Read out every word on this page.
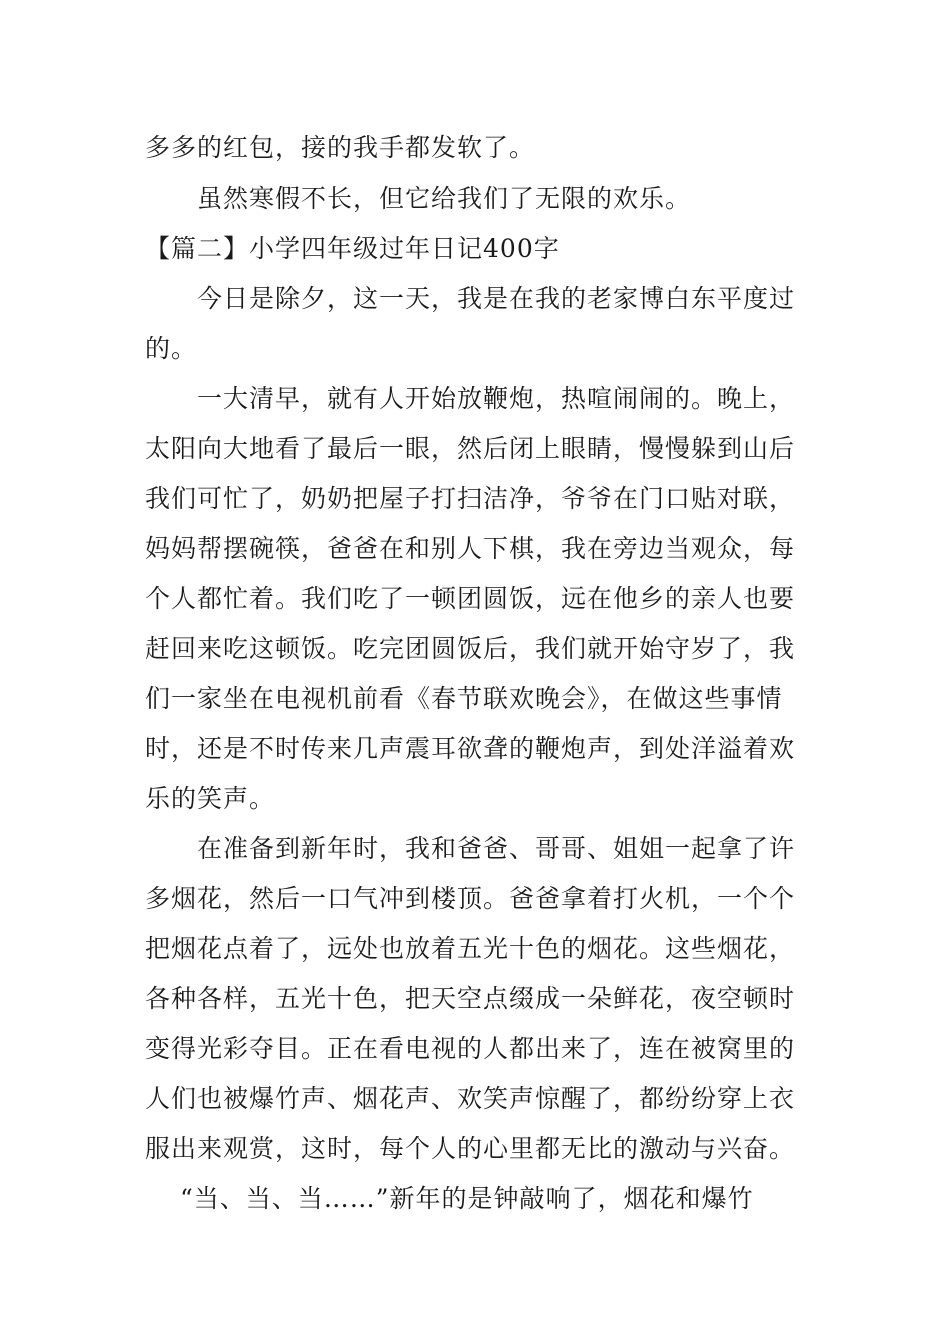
多多的红包，接的我手都发软了。
虽然寒假不长，但它给我们了无限的欢乐。
【篇二】小学四年级过年日记400字
今日是除夕，这一天，我是在我的老家博白东平度过
的。
一大清早，就有人开始放鞭炮，热喧闹闹的。晚上，
太阳向大地看了最后一眼，然后闭上眼睛，慢慢躲到山后
我们可忙了，奶奶把屋子打扫洁净，爷爷在门口贴对联，
妈妈帮摆碗筷，爸爸在和别人下棋，我在旁边当观众，每
个人都忙着。我们吃了一顿团圆饭，远在他乡的亲人也要
赶回来吃这顿饭。吃完团圆饭后，我们就开始守岁了，我
们一家坐在电视机前看《春节联欢晚会》，在做这些事情
时，还是不时传来几声震耳欲聋的鞭炮声，到处洋溢着欢
乐的笑声。
在准备到新年时，我和爸爸、哥哥、姐姐一起拿了许
多烟花，然后一口气冲到楼顶。爸爸拿着打火机，一个个
把烟花点着了，远处也放着五光十色的烟花。这些烟花，
各种各样，五光十色，把天空点缀成一朵鲜花，夜空顿时
变得光彩夺目。正在看电视的人都出来了，连在被窝里的
人们也被爆竹声、烟花声、欢笑声惊醒了，都纷纷穿上衣
服出来观赏，这时，每个人的心里都无比的激动与兴奋。
“当、当、当……”新年的是钟敲响了，烟花和爆竹
